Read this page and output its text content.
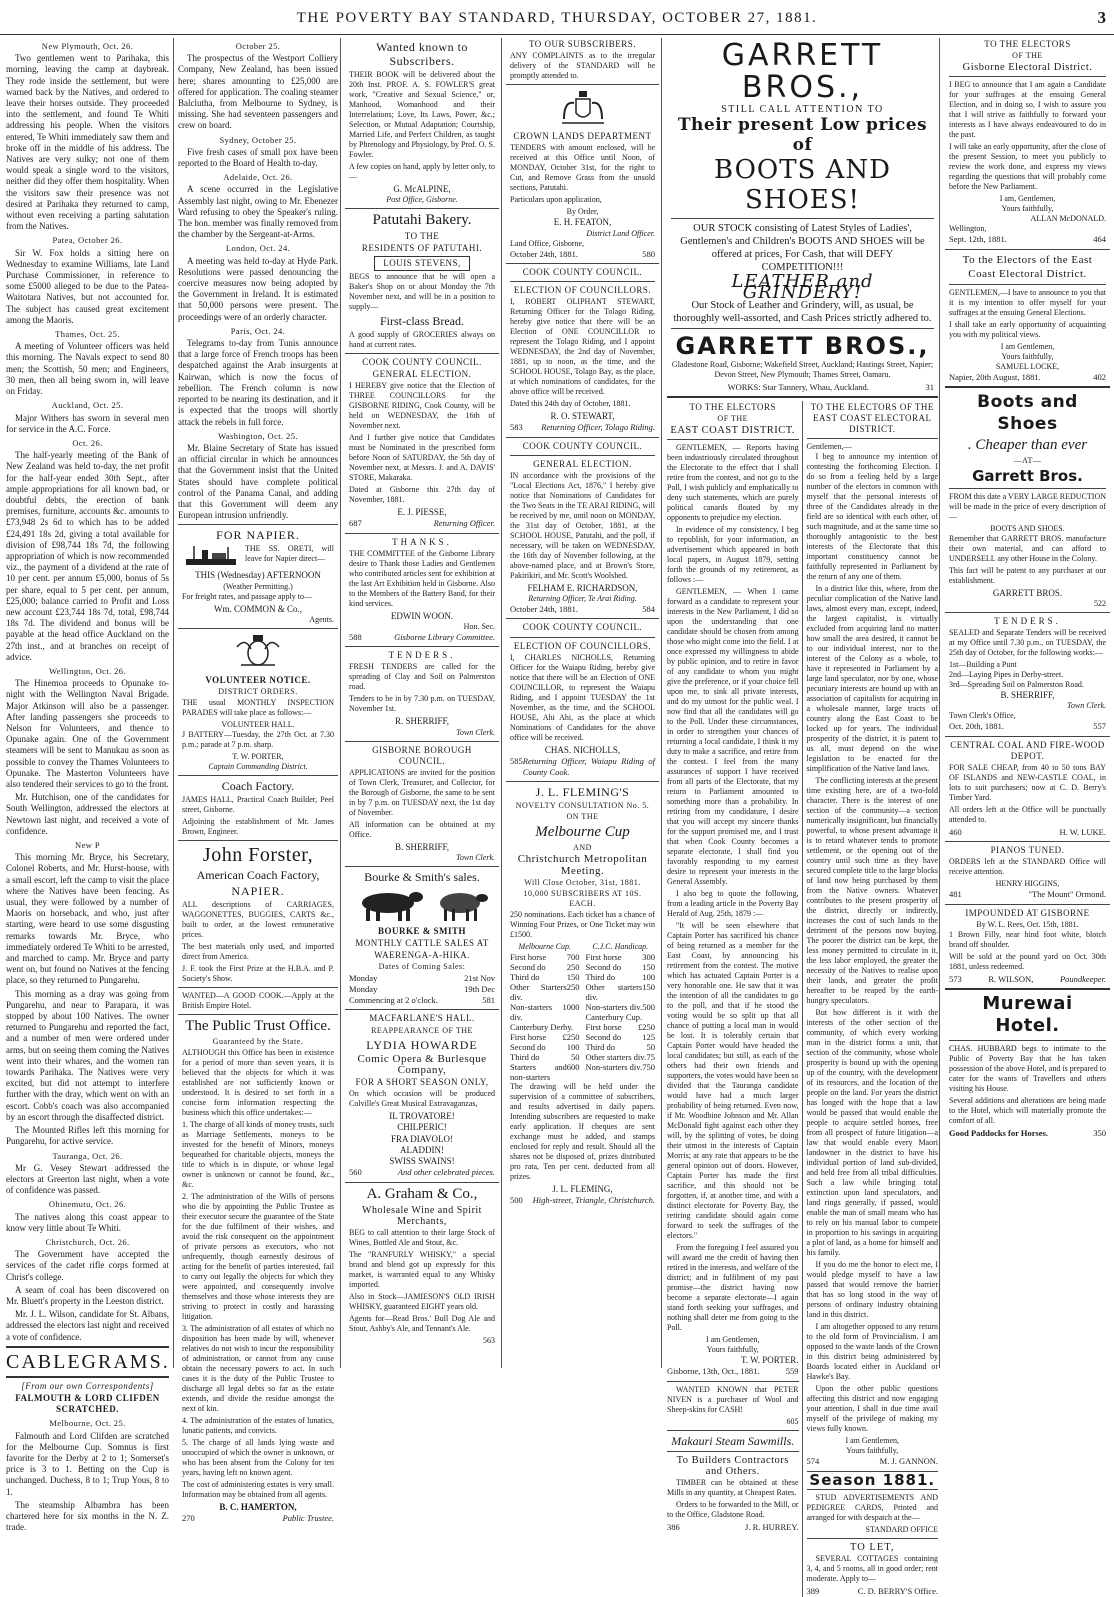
THE POVERTY BAY STANDARD, THURSDAY, OCTOBER 27, 1881.	3
New Plymouth, Oct. 26.

Two gentlemen went to Parihaka, this morning, leaving the camp at daybreak. They rode inside the settlement, but were warned back by the Natives, and ordered to leave their horses outside. They proceeded into the settlement, and found Te Whiti addressing his people. When the visitors entered, Te Whiti immediately saw them and broke off in the middle of his address. The Natives are very sulky; not one of them would speak a single word to the visitors, neither did they offer them hospitality. When the visitors saw their presence was not desired at Parihaka they returned to camp, without even receiving a parting salutation from the Natives.

Patea, October 26.

Sir W. Fox holds a sitting here on Wednesday to examine Williams, late Land Purchase Commissioner, in reference to some £5000 alleged to be due to the Patea-Waitotara Natives, but not accounted for. The subject has caused great excitement among the Maoris.

Thames, Oct. 25.

A meeting of Volunteer officers was held this morning. The Navals expect to send 80 men; the Scottish, 50 men; and Engineers, 30 men, then all being sworn in, will leave on Friday.

Auckland, Oct. 25.

Major Withers has sworn in several men for service in the A.C. Force.

Oct. 26.

The half-yearly meeting of the Bank of New Zealand was held to-day, the net profit for the half-year ended 30th Sept., after ample appropriations for all known bad, or doubtful debts, the erection of bank premises, furniture, accounts &c. amounts to £73,948 2s 6d to which has to be added £24,491 18s 2d, giving a total available for division of £98,744 18s 7d, the following appropriation of which is now recommended viz., the payment of a dividend at the rate of 10 per cent. per annum £5,000, bonus of 5s per share, equal to 5 per cent. per annum, £25,000; balance carried to Profit and Loss new account £23,744 18s 7d, total, £98,744 18s 7d. The dividend and bonus will be payable at the head office Auckland on the 27th inst., and at branches on receipt of advice.

Wellington, Oct. 26.

The Hinemoa proceeds to Opunake to-night with the Wellington Naval Brigade. Major Atkinson will also be a passenger. After landing passengers she proceeds to Nelson for Volunteers, and thence to Opunake again. One of the Government steamers will be sent to Manukau as soon as possible to convey the Thames Volunteers to Opunake. The Masterton Volunteers have also tendered their services to go to the front.

Mr. Hutchison, one of the candidates for South Wellington, addressed the electors at Newtown last night, and received a vote of confidence.

New P

This morning Mr. Bryce, his Secretary, Colonel Roberts, and Mr. Hurst-house, with a small escort, left the camp to visit the place where the Natives have been fencing. As usual, they were followed by a number of Maoris on horseback, and who, just after starting, were heard to use some disgusting remarks towards Mr. Bryce, who immediately ordered Te Whiti to be arrested, and marched to camp. Mr. Bryce and party went on, but found no Natives at the fencing place, so they returned to Pungarehu.

This morning as a dray was going from Pungarehu, and near to Parapara, it was stopped by about 100 Natives. The owner returned to Pungarehu and reported the fact, and a number of men were ordered under arms, but on seeing them coming the Natives went into their whares, and the women ran towards Parihaka. The Natives were very excited, but did not attempt to interfere further with the dray, which went on with an escort. Cobb's coach was also accompanied by an escort through the disaffected district.

The Mounted Rifles left this morning for Pungarehu, for active service.

Tauranga, Oct. 26.

Mr G. Vesey Stewart addressed the electors at Greerton last night, when a vote of confidence was passed.

Ohinemutu, Oct. 26.

The natives along this coast appear to know very little about Te Whiti.

Christchurch, Oct. 26.

The Government have accepted the services of the cadet rifle corps formed at Christ's college.

A seam of coal has been discovered on Mr. Bluett's property in the Leeston district.

Mr. J. L. Wilson, candidate for St. Albans, addressed the electors last night and received a vote of confidence.

CABLEGRAMS.
[From our own Correspondents]
FALMOUTH & LORD CLIFDEN SCRATCHED.
Melbourne, Oct. 25.

Falmouth and Lord Clifden are scratched for the Melbourne Cup. Somnus is first favorite for the Derby at 2 to 1; Somerset's price is 3 to 1. Betting on the Cup is unchanged. Duchess, 8 to 1; Trup Yous, 8 to 1.

The steamship Albambra has been chartered here for six months in the N. Z. trade.

October 25.

The prospectus of the Westport Colliery Company, New Zealand, has been issued here; shares amounting to £25,000 are offered for application. The coaling steamer Balclutha, from Melbourne to Sydney, is missing. She had seventeen passengers and crew on board.

Sydney, October 25.

Five fresh cases of small pox have been reported to the Board of Health to-day.

Adelaide, Oct. 26.

A scene occurred in the Legislative Assembly last night, owing to Mr. Ebenezer Ward refusing to obey the Speaker's ruling. The hon. member was finally removed from the chamber by the Sergeant-at-Arms.

London, Oct. 24.

A meeting was held to-day at Hyde Park. Resolutions were passed denouncing the coercive measures now being adopted by the Government in Ireland. It is estimated that 50,000 persons were present. The proceedings were of an orderly character.

Paris, Oct. 24.

Telegrams to-day from Tunis announce that a large force of French troops has been despatched against the Arab insurgents at Kairwan, which is now the focus of rebellion. The French column is now reported to be nearing its destination, and it is expected that the troops will shortly attack the rebels in full force.

Washington, Oct. 25.

Mr. Blaine Secretary of State has issued an official circular in which he announces that the Government insist that the United States should have complete political control of the Panama Canal, and adding that this Government will deem any European intrusion unfriendly.

FOR NAPIER.

THE SS. ORETI, will leave for Napier direct—

THIS (Wednesday) AFTERNOON
(Weather Permitting.)

For freight rates, and passage apply to—

Wm. COMMON & Co.,
Agents.
VOLUNTEER NOTICE.
DISTRICT ORDERS.

THE usual MONTHLY INSPECTION PARADES will take place as follows:—

VOLUNTEER HALL.

J BATTERY—Tuesday, the 27th Oct. at 7.30 p.m.; parade at 7 p.m. sharp.

T. W. PORTER,
Captain Commanding District.
Coach Factory.

JAMES HALL, Practical Coach Builder, Peel street, Gisborne.

Adjoining the establishment of Mr. James Brown, Engineer.

John Forster,
American Coach Factory,
NAPIER.

ALL descriptions of CARRIAGES, WAGGONETTES, BUGGIES, CARTS &c., built to order, at the lowest remunerative prices.

The best materials only used, and imported direct from America.

J. F. took the First Prize at the H.B.A. and P. Society's Show.

WANTED—A GOOD COOK.—Apply at the British Empire Hotel.

The Public Trust Office.
Guaranteed by the State.

ALTHOUGH this Office has been in existence for a period of more than seven years, it is believed that the objects for which it was established are not sufficiently known or understood. It is desired to set forth in a concise form information respecting the business which this office undertakes:—

1. The charge of all kinds of money trusts, such as Marriage Settlements, moneys to be invested for the benefit of Minors, moneys bequeathed for charitable objects, moneys the title to which is in dispute, or whose legal owner is unknown or cannot be found, &c., &c.

2. The administration of the Wills of persons who die by appointing the Public Trustee as their executor secure the guarantee of the State for the due fulfilment of their wishes, and avoid the risk consequent on the appointment of private persons as executors, who not unfrequently, though earnestly desirous of acting for the benefit of parties interested, fail to carry out legally the objects for which they were appointed, and consequently involve themselves and those whose interests they are striving to protect in costly and harassing litigation.

3. The administration of all estates of which no disposition has been made by will, whenever relatives do not wish to incur the responsibility of administration, or cannot from any cause obtain the necessary powers to act. In such cases it is the duty of the Public Trustee to discharge all legal debts so far as the estate extends, and divide the residue amongst the next of kin.

4. The administration of the estates of lunatics, lunatic patients, and convicts.

5. The charge of all lands lying waste and unoccupied of which the owner is unknown, or who has been absent from the Colony for ten years, having left no known agent.

The cost of administering estates is very small. Information may be obtained from all agents.

B. C. HAMERTON,
270	Public Trustee.
Wanted known to Subscribers.

THEIR BOOK will be delivered about the 20th Inst. PROF. A. S. FOWLER'S great work, "Creative and Sexual Science," or, Manhood, Womanhood and their Interrelations; Love, Its Laws, Power, &c.; Selection, or Mutual Adaptation; Courtship, Married Life, and Perfect Children, as taught by Phrenology and Physiology, by Prof. O. S. Fowler.

A few copies on hand, apply by letter only, to—

G. McALPINE,
Post Office, Gisborne.
Patutahi Bakery.
TO THE
RESIDENTS OF PATUTAHI.
LOUIS STEVENS,

BEGS to announce that he will open a Baker's Shop on or about Monday the 7th November next, and will be in a position to supply—

First-class Bread.

A good supply of GROCERIES always on hand at current rates.

COOK COUNTY COUNCIL.
GENERAL ELECTION.

I HEREBY give notice that the Election of THREE COUNCILLORS for the GISBORNE RIDING, Cook County, will be held on WEDNESDAY, the 16th of November next.

And I further give notice that Candidates must be Nominated in the prescribed form before Noon of SATURDAY, the 5th day of November next, at Messrs. J. and A. DAVIS' STORE, Makaraka.

Dated at Gisborne this 27th day of November, 1881.

E. J. PIESSE,
687	Returning Officer.
THANKS.

THE COMMITTEE of the Gisborne Library desire to Thank those Ladies and Gentlemen who contributed articles sent for exhibition at the last Art Exhibition held in Gisborne. Also to the Members of the Battery Band, for their kind services.

EDWIN WOON.
Hon. Sec.
588	Gisborne Library Committee.
TENDERS.

FRESH TENDERS are called for the spreading of Clay and Soil on Palmerston road.

Tenders to be in by 7.30 p.m. on TUESDAY, November 1st.

R. SHERRIFF,
Town Clerk.
GISBORNE BOROUGH COUNCIL.

APPLICATIONS are invited for the position of Town Clerk, Treasurer, and Collector, for the Borough of Gisborne, the same to be sent in by 7 p.m. on TUESDAY next, the 1st day of November.

All information can be obtained at my Office.

B. SHERRIFF,
Town Clerk.
Bourke & Smith's sales.
BOURKE & SMITH
MONTHLY CATTLE SALES AT WAERENGA-A-HIKA.
Dates of Coming Sales:
Monday	21st Nov
Monday	19th Dec
Commencing at 2 o'clock.	581
MACFARLANE'S HALL.
REAPPEARANCE OF THE
LYDIA HOWARDE
Comic Opera & Burlesque Company,
FOR A SHORT SEASON ONLY,

On which occasion will be produced Colville's Great Musical Extravaganzas,

IL TROVATORE!
CHILPERIC!
FRA DIAVOLO!
ALADDIN!
SWISS SWAINS!
560	And other celebrated pieces.
A. Graham & Co.,
Wholesale Wine and Spirit Merchants,

BEG to call attention to their large Stock of Wines, Bottled Ale and Stout, &c.

The "RANFURLY WHISKY," a special brand and blend got up expressly for this market, is warranted equal to any Whisky imported.

Also in Stock—JAMIESON'S OLD IRISH WHISKY, guaranteed EIGHT years old.

Agents for—Read Bros.' Bull Dog Ale and Stout, Ashby's Ale, and Tennant's Ale.

563
TO OUR SUBSCRIBERS.

ANY COMPLAINTS as to the irregular delivery of the STANDARD will be promptly attended to.

CROWN LANDS DEPARTMENT

TENDERS with amount enclosed, will be received at this Office until Noon, of MONDAY, October 31st, for the right to Cut, and Remove Grass from the unsold sections, Patutahi.

Particulars upon application,

By Order,
E. H. FEATON,
District Land Officer.
Land Office, Gisborne,
October 24th, 1881.	580
COOK COUNTY COUNCIL.
ELECTION OF COUNCILLORS.

I, ROBERT OLIPHANT STEWART, Returning Officer for the Tolago Riding, hereby give notice that there will be an Election of ONE COUNCILLOR to represent the Tolago Riding, and I appoint WEDNESDAY, the 2nd day of November, 1881, up to noon, as the time, and the SCHOOL HOUSE, Tolago Bay, as the place, at which nominations of candidates, for the above office will be received.

Dated this 24th day of October, 1881.

R. O. STEWART,
583 Returning Officer, Tolago Riding.
COOK COUNTY COUNCIL.
GENERAL ELECTION.

IN accordance with the provisions of the "Local Elections Act, 1876," I hereby give notice that Nominations of Candidates for the Two Seats in the TE ARAI RIDING, will be received by me, until noon on MONDAY, the 31st day of October, 1881, at the SCHOOL HOUSE, Patutahi, and the poll, if necessary, will be taken on WEDNESDAY, the 16th day of November following, at the above-named place, and at Brown's Store, Pakirikiri, and Mr. Scott's Woolshed.

FELHAM E. RICHARDSON,
Returning Officer, Te Arai Riding.
October 24th, 1881.	584
COOK COUNTY COUNCIL.
ELECTION OF COUNCILLORS.

I, CHARLES NICHOLLS, Returning Officer for the Waiapu Riding, hereby give notice that there will be an Election of ONE COUNCILLOR, to represent the Waiapu Riding, and I appoint TUESDAY the 1st November, as the time, and the SCHOOL HOUSE, Ahi Ahi, as the place at which Nominations of Candidates for the above office will be received.

CHAS. NICHOLLS,
585 Returning Officer, Waiapu Riding of County Cook.
J. L. FLEMING'S
NOVELTY CONSULTATION No. 5.
ON THE
Melbourne Cup
AND
Christchurch Metropolitan Meeting.
Will Close October, 31st, 1881.
10,000 SUBSCRIBERS AT 10S. EACH.

250 nominations. Each ticket has a chance of Winning Four Prizes, or One Ticket may win £1500.

Melbourne Cup.
First horse 700
Second do 250
Third do	150
Other Starters div.
250
Non-starters div.
1000
Canterbury Derby.
First horse £250
Second do 100
Third do	50
Starters and non-starters
600
C.J.C. Handicap.
First horse 300
Second do 150
Third do	100
Other starters div.
150
Non-starters div. 500
Canterbury Cup.
First horse £250
Second do 125
Third do	50
Other starters div. 75
Non-starters div. 750

The drawing will be held under the supervision of a committee of subscribers, and results advertised in daily papers. Intending subscribers are requested to make early application. If cheques are sent exchange must be added, and stamps enclosed for reply and result. Should all the shares not be disposed of, prizes distributed pro rata, Ten per cent. deducted from all prizes.

J. L. FLEMING,
500 High-street, Triangle, Christchurch.
GARRETT BROS.,
STILL CALL ATTENTION TO
Their present Low prices of
BOOTS AND SHOES!

OUR STOCK consisting of Latest Styles of Ladies', Gentlemen's and Children's BOOTS AND SHOES will be offered at prices, For Cash, that will DEFY COMPETITION!!!

LEATHER and GRINDERY!

Our Stock of Leather and Grindery, will, as usual, be thoroughly well-assorted, and Cash Prices strictly adhered to.

GARRETT BROS.,

Gladestone Road, Gisborne; Wakefield Street, Auckland; Hastings Street, Napier; Devon Street, New Plymouth; Thames Street, Oamaru.

WORKS: Star Tannery, Whau, Auckland.	31
TO THE ELECTORS
OF THE
EAST COAST DISTRICT.

GENTLEMEN, — Reports having been industriously circulated throughout the Electorate to the effect that I shall retire from the contest, and not go to the Poll, I wish publicly and emphatically to deny such statements, which are purely political canards floated by my opponents to prejudice my election.

In evidence of my consistency, I beg to republish, for your information, an advertisement which appeared in both local papers, in August 1879, setting forth the grounds of my retirement, as follows :—

GENTLEMEN, — When I came forward as a candidate to represent your interests in the New Parliament, I did so upon the understanding that one candidate should be chosen from among those who might come into the field. I at once expressed my willingness to abide by public opinion, and to retire in favor of any candidate to whom you might give the preference, or if your choice fell upon me, to sink all private interests, and do my utmost for the public weal. I now find that all the candidates will go to the Poll. Under these circumstances, in order to strengthen your chances of returning a local candidate, I think it my duty to make a sacrifice, and retire from the contest. I feel from the many assurances of support I have received from all parts of the Electorate, that my return to Parliament amounted to something more than a probability. In retiring from my candidature, I desire that you will accept my sincere thanks for the support promised me, and I trust that when Cook County becomes a separate electorate, I shall find you favorably responding to my earnest desire to represent your interests in the General Assembly.

I also beg to quote the following, from a leading article in the Poverty Bay Herald of Aug. 25th, 1879 :—

"It will be seen elsewhere that Captain Porter has sacrificed his chance of being returned as a member for the East Coast, by announcing his retirement from the contest. The motive which has actuated Captain Porter is a very honorable one. He saw that it was the intention of all the candidates to go to the poll, and that if he stood the voting would be so split up that all chance of putting a local man in would be lost. It is tolerably certain that Captain Porter would have headed the local candidates; but still, as each of the others had their own friends and supporters, the votes would have been so divided that the Tauranga candidate would have had a much larger probability of being returned. Even now, if Mr. Woodbine Johnson and Mr. Allan McDonald fight against each other they will, by the splitting of votes, be doing their utmost in the interests of Captain Morris; at any rate that appears to be the general opinion out of doors. However, Captain Porter has made the first sacrifice, and this should not be forgotten, if, at another time, and with a distinct electorate for Poverty Bay, the retiring candidate should again come forward to seek the suffrages of the electors."

From the foregoing I feel assured you will award me the credit of having then retired in the interests, and welfare of the district; and in fulfilment of my past promise—the district having now become a separate electorate—I again stand forth seeking your suffrages, and nothing shall deter me from going to the Poll.

I am Gentlemen,
Yours faithfully,
T. W. PORTER.
Gisborne, 13th, Oct., 1881.	559

WANTED KNOWN that PETER NIVEN is a purchaser of Wool and Sheep-skins for CASH!

605
Makauri Steam Sawmills.
To Builders Contractors and Others.

TIMBER can be obtained at these Mills in any quantity, at Cheapest Rates.

Orders to be forwarded to the Mill, or to the Office, Gladstone Road.

386	J. R. HURREY.
TO THE ELECTORS OF THE EAST COAST ELECTORAL DISTRICT.
Gentlemen,—

I beg to announce my intention of contesting the forthcoming Election. I do so from a feeling held by a large number of the electors in common with myself that the personal interests of three of the Candidates already in the field are so identical with each other, of such magnitude, and at the same time so thoroughly antagonistic to the best interests of the Electorate that this important constituency cannot be faithfully represented in Parliament by the return of any one of them.

In a district like this, where, from the peculiar complication of the Native land laws, almost every man, except, indeed, the largest capitalist, is virtually excluded from acquiring land no matter how small the area desired, it cannot be to our individual interest, nor to the interest of the Colony as a whole, to have it represented in Parliament by a large land speculator, nor by one, whose pecuniary interests are bound up with an association of capitalists for acquiring in a wholesale manner, large tracts of country along the East Coast to be locked up for years. The individual prosperity of the district, it is patent to us all, must depend on the wise legislation to be enacted for the simplification of the Native land laws.

The conflicting interests at the present time existing here, are of a two-fold character. There is the interest of one section of the community—a section numerically insignificant, but financially powerful, to whose present advantage it is to retard whatever tends to promote settlement, or the opening out of the country until such time as they have secured complete title to the large blocks of land now being purchased by them from the Native owners. Whatever contributes to the present prosperity of the district, directly or indirectly, increases the cost of such lands to the detriment of the persons now buying. The poorer the district can be kept, the less money permitted to circulate in it, the less labor employed, the greater the necessity of the Natives to realise upon their lands, and greater the profit hereafter to be reaped by the earth-hungry speculators.

But how different is it with the interests of the other section of the community, of which every working man in the district forms a unit, that section of the community, whose whole prosperity is bound up with the opening up of the country, with the development of its resources, and the location of the people on the land. For years the district has longed with the hope that a law would be passed that would enable the people to acquire settled homes, free from all prospect of future litigation—a law that would enable every Maori landowner in the district to have his individual portion of land sub-divided, and held free from all tribal difficulties. Such a law while bringing total extinction upon land speculators, and land rings generally, if passed, would enable the man of small means who has to rely on his manual labor to compete in proportion to his savings in acquiring a plot of land, as a home for himself and his family.

If you do me the honor to elect me, I would pledge myself to have a law passed that would remove the barrier that has so long stood in the way of persons of ordinary industry obtaining land in this district.

I am altogether opposed to any return to the old form of Provincialism. I am opposed to the waste lands of the Crown in this district being administered by Boards located either in Auckland or Hawke's Bay.

Upon the other public questions affecting this district and now engaging your attention, I shall in due time avail myself of the privilege of making my views fully known.

I am Gentlemen,
Yours faithfully,
574	M. J. GANNON.
Season 1881.

STUD ADVERTISEMENTS AND PEDIGREE CARDS, Printed and arranged for with despatch at the—

STANDARD OFFICE
TO LET,

SEVERAL COTTAGES containing 3, 4, and 5 rooms, all in good order; rent moderate. Apply to—

389	C. D. BERRY'S Office.
TO THE ELECTORS
OF THE
Gisborne Electoral District.

I BEG to announce that I am again a Candidate for your suffrages at the ensuing General Election, and in doing so, I wish to assure you that I will strive as faithfully to forward your interests as I have always endeavoured to do in the past.

I will take an early opportunity, after the close of the present Session, to meet you publicly to review the work done, and express my views regarding the questions that will probably come before the New Parliament.

I am, Gentlemen,
Yours faithfully,
ALLAN McDONALD.
Wellington,
Sept. 12th, 1881.	464
To the Electors of the East Coast Electoral District.

GENTLEMEN,—I have to announce to you that it is my intention to offer myself for your suffrages at the ensuing General Elections.

I shall take an early opportunity of acquainting you with my political views.

I am Gentlemen,
Yours faithfully,
SAMUEL LOCKE,
Napier, 20th August, 1881.	402
Boots and Shoes
. Cheaper than ever
—AT—
Garrett Bros.

FROM this date a VERY LARGE REDUCTION will be made in the price of every description of—

BOOTS AND SHOES.

Remember that GARRETT BROS. manufacture their own material, and can afford to UNDERSELL any other House in the Colony.

This fact will be patent to any purchaser at our establishment.

GARRETT BROS.
522
TENDERS.

SEALED and Separate Tenders will be received at my Office until 7.30 p.m., on TUESDAY, the 25th day of October, for the following works:—

1st—Building a Punt
2nd—Laying Pipes in Derby-street.
3rd—Spreading Soil on Palmerston Road.
B. SHERRIFF,
Town Clerk.
Town Clerk's Office,
Oct. 20th, 1881.	557
CENTRAL COAL AND FIRE-WOOD DEPOT.

FOR SALE CHEAP, from 40 to 50 tons BAY OF ISLANDS and NEW-CASTLE COAL, in lots to suit purchasers; now at C. D. Berry's Timber Yard.

All orders left at the Office will be punctually attended to.

460	H. W. LUKE.
PIANOS TUNED.

ORDERS left at the STANDARD Office will receive attention.

HENRY HIGGINS,
481	"The Mount" Ormond.
IMPOUNDED AT GISBORNE
By W. L. Rees, Oct. 15th, 1881.

1 Brown Filly, near hind foot white, blotch brand off shoulder.

Will be sold at the pound yard on Oct. 30th 1881, unless redeemed.

573	R. WILSON,	Poundkeeper.
Murewai Hotel.

CHAS. HUBBARD begs to intimate to the Public of Poverty Bay that he has taken possession of the above Hotel, and is prepared to cater for the wants of Travellers and others visiting his House.

Several additions and alterations are being made to the Hotel, which will materially promote the comfort of all.

Good Paddocks for Horses.	350
